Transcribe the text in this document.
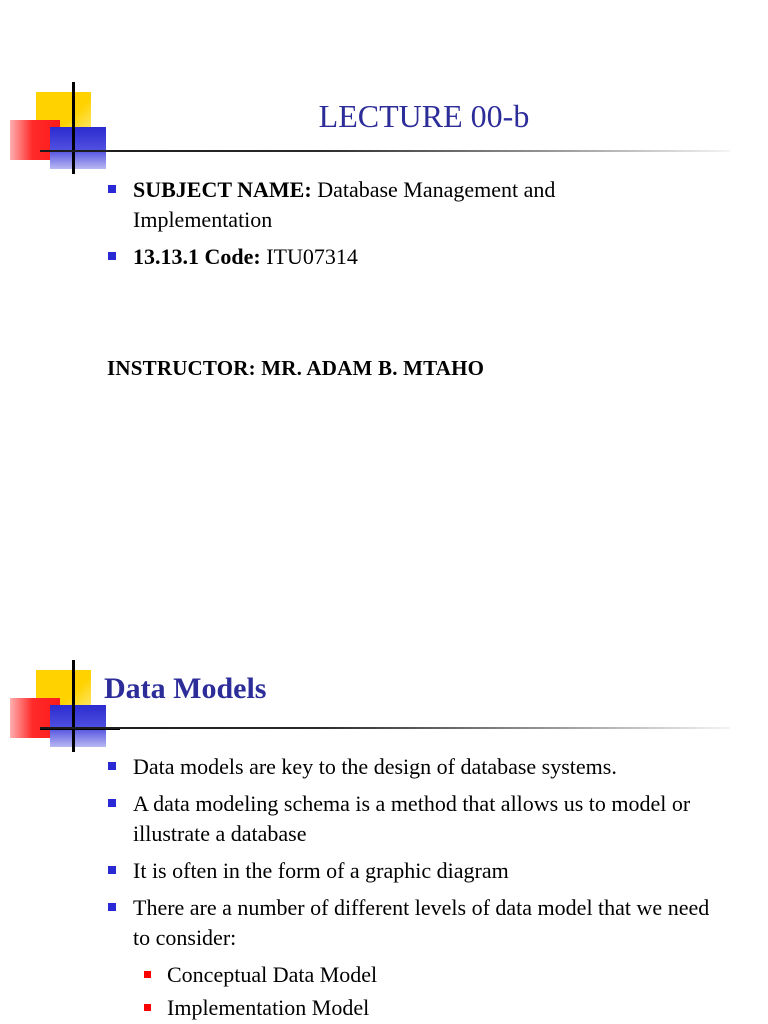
LECTURE 00-b
SUBJECT NAME: Database Management and Implementation
13.13.1 Code: ITU07314
INSTRUCTOR: MR. ADAM B. MTAHO
Data Models
Data models are key to the design of database systems.
A data modeling schema is a method that allows us to model or illustrate a database
It is often in the form of a graphic diagram
There are a number of different levels of data model that we need to consider:
Conceptual Data Model
Implementation Model
